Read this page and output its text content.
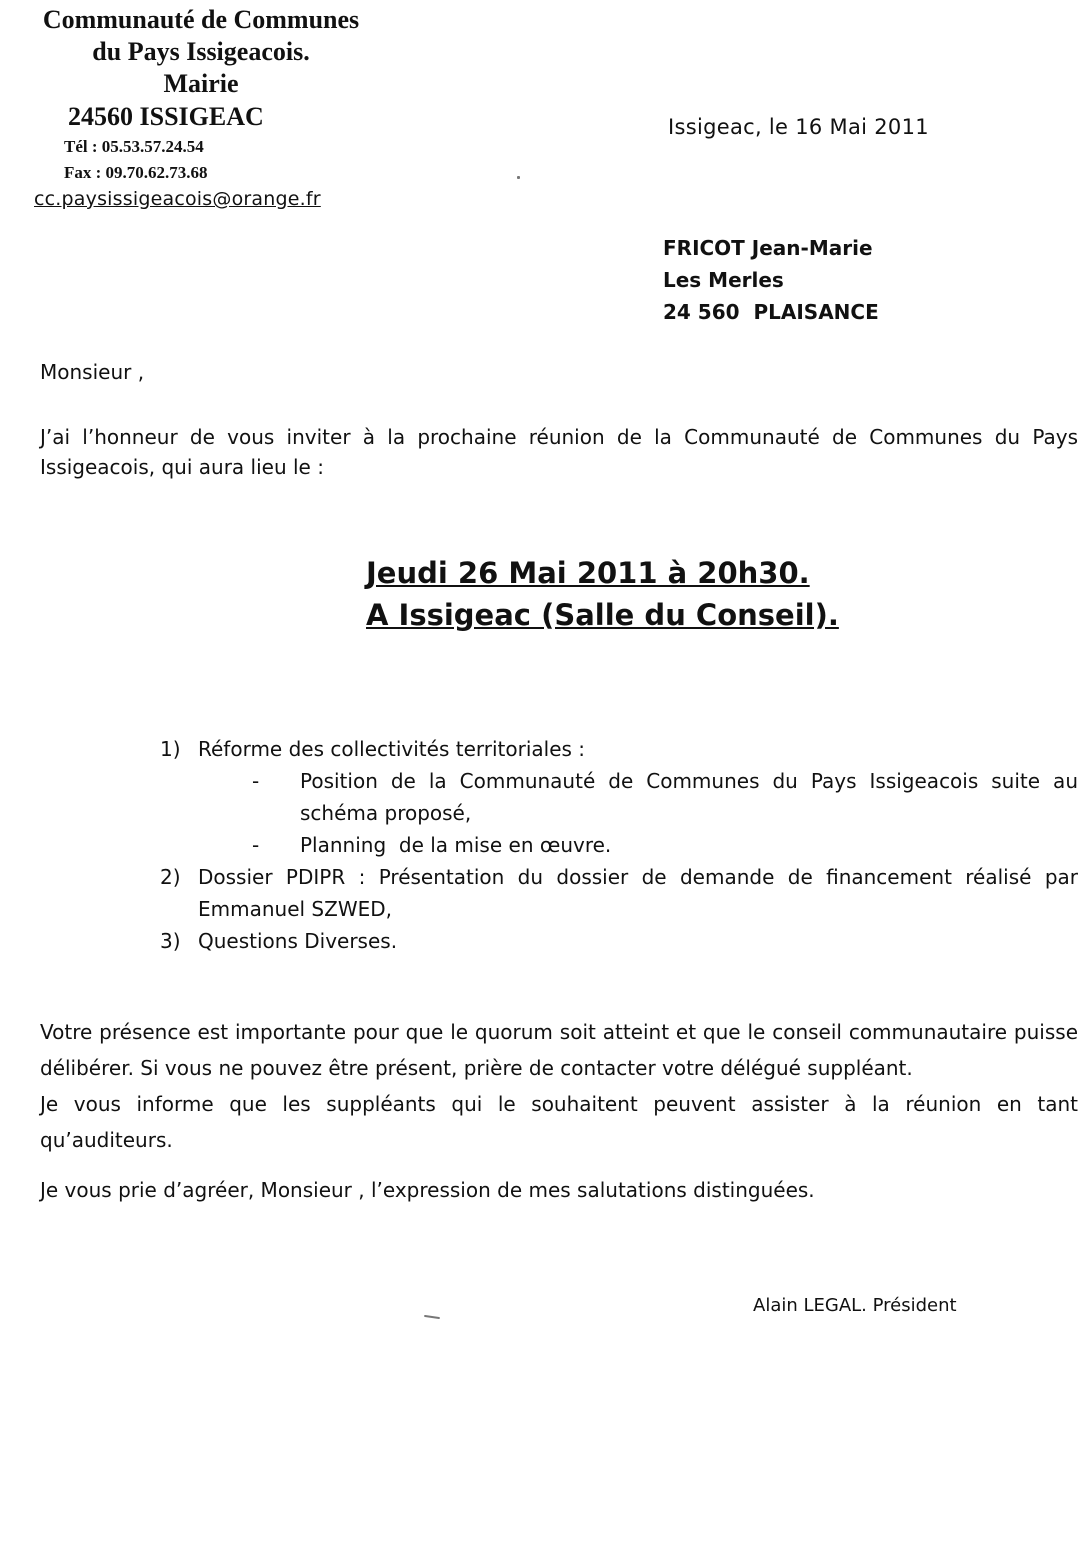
Communauté de Communes

du Pays Issigeacois.

Mairie

24560 ISSIGEAC

Tél : 05.53.57.24.54

Fax : 09.70.62.73.68

cc.paysissigeacois@orange.fr

Issigeac, le 16 Mai 2011
FRICOT Jean-Marie
Les Merles
24 560  PLAISANCE
Monsieur ,
J’ai l’honneur de vous inviter à la prochaine réunion de la Communauté de Communes du Pays Issigeacois, qui aura lieu le :
Jeudi 26 Mai 2011 à 20h30.
A Issigeac (Salle du Conseil).
1) Réforme des collectivités territoriales :
- Position de la Communauté de Communes du Pays Issigeacois suite au schéma proposé,
- Planning  de la mise en œuvre.
2) Dossier PDIPR : Présentation du dossier de demande de financement réalisé par Emmanuel SZWED,
3) Questions Diverses.

Votre présence est importante pour que le quorum soit atteint et que le conseil communautaire puisse délibérer. Si vous ne pouvez être présent, prière de contacter votre délégué suppléant.

Je vous informe que les suppléants qui le souhaitent peuvent assister à la réunion en tant qu’auditeurs.

Je vous prie d’agréer, Monsieur , l’expression de mes salutations distinguées.
Alain LEGAL. Président
